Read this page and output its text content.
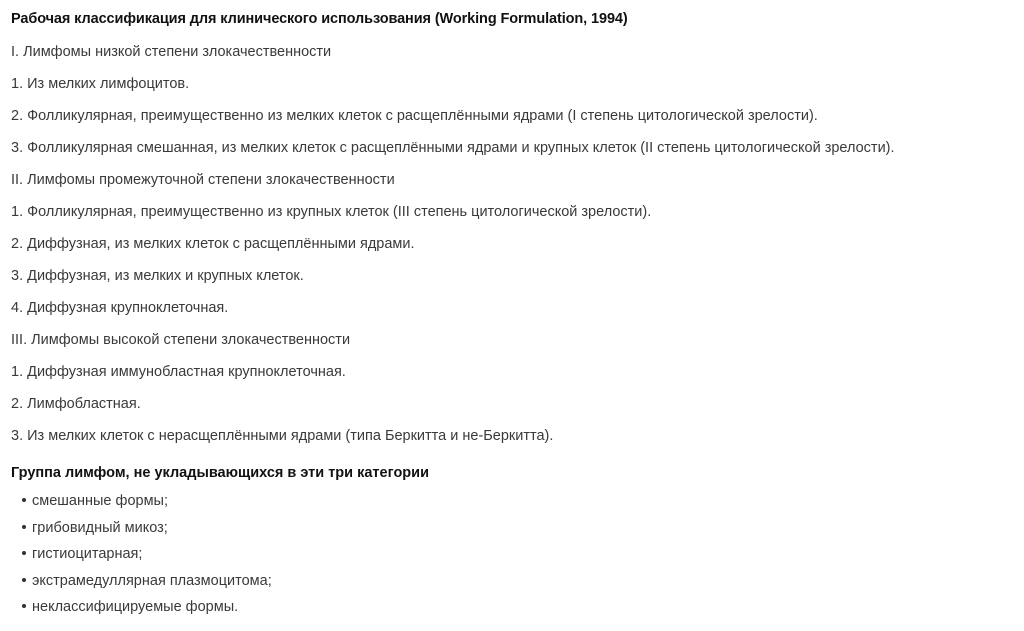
Рабочая классификация для клинического использования (Working Formulation, 1994)
I. Лимфомы низкой степени злокачественности
1. Из мелких лимфоцитов.
2. Фолликулярная, преимущественно из мелких клеток с расщеплёнными ядрами (I степень цитологической зрелости).
3. Фолликулярная смешанная, из мелких клеток с расщеплёнными ядрами и крупных клеток (II степень цитологической зрелости).
II. Лимфомы промежуточной степени злокачественности
1. Фолликулярная, преимущественно из крупных клеток (III степень цитологической зрелости).
2. Диффузная, из мелких клеток с расщеплёнными ядрами.
3. Диффузная, из мелких и крупных клеток.
4. Диффузная крупноклеточная.
III. Лимфомы высокой степени злокачественности
1. Диффузная иммунобластная крупноклеточная.
2. Лимфобластная.
3. Из мелких клеток с нерасщеплёнными ядрами (типа Беркитта и не-Беркитта).
Группа лимфом, не укладывающихся в эти три категории
смешанные формы;
грибовидный микоз;
гистиоцитарная;
экстрамедуллярная плазмоцитома;
неклассифицируемые формы.
